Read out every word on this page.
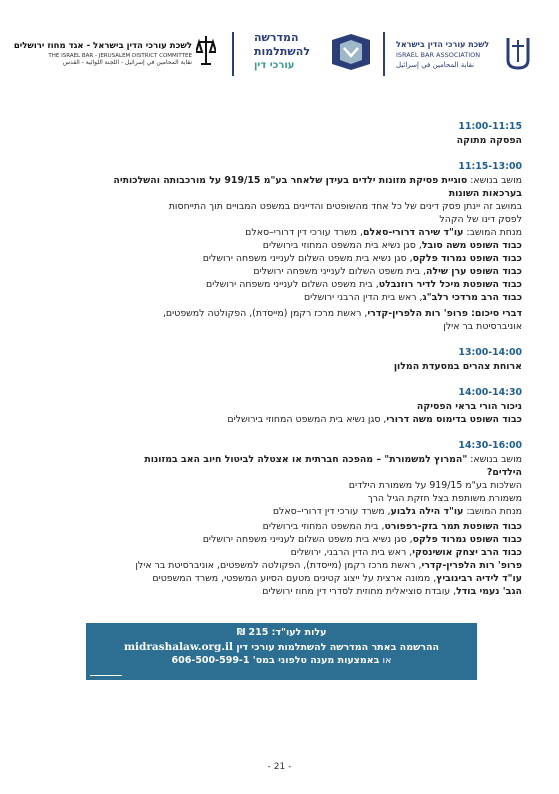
לשכת עורכי הדין בישראל - אגד מחוז ירושלים
THE ISRAEL BAR - JERUSALEM DISTRICT COMMITTEE
نقابة المحامين في إسرائيل - اللجنة اللوائية - القدس
המדרשה
להשתלמות
עורכי דין
לשכת עורכי הדין בישראל
ISRAEL BAR ASSOCIATION
نقابة المحامين في إسرائيل
11:00-11:15
הפסקה מתוקה
11:15-13:00
מושב בנושא: סוגיית פסיקת מזונות ילדים בעידן שלאחר בע"מ 919/15 על מורכבותה והשלכותיה
בערכאות השונות
במושב זה יינתן פסק דינים של כל אחד מהשופטים והדיינים במשפט המבויים תוך התייחסות
לפסק דינו של הקהל
מנחת המושב: עו"ד שירה דרורי-סאלם, משרד עורכי דין דרורי–סאלם
כבוד השופט משה סובל, סגן נשיא בית המשפט המחוזי בירושלים
כבוד השופט נמרוד פלקס, סגן נשיא בית משפט השלום לענייני משפחה ירושלים
כבוד השופט ערן שילה, בית משפט השלום לענייני משפחה ירושלים
כבוד השופטת מיכל לדיר רוזנבלט, בית משפט השלום לענייני משפחה ירושלים
כבוד הרב מרדכי רלב"ג, ראש בית הדין הרבני ירושלים
דברי סיכום: פרופ' רות הלפרין-קדרי, ראשת מרכז רקמן (מייסדת), הפקולטה למשפטים,
אוניברסיטת בר אילן
13:00-14:00
ארוחת צהרים במסעדת המלון
14:00-14:30
ניכור הורי בראי הפסיקה
כבוד השופט בדימוס משה דרורי, סגן נשיא בית המשפט המחוזי בירושלים
14:30-16:00
מושב בנושא: "המרוץ למשמורת" – מהפכה חברתית או אצטלה לביטול חיוב האב במזונות
הילדים?
השלכות בע"מ 919/15 על משמורת הילדים
משמורת משותפת בצל חזקת הגיל הרך
מנחת המושב: עו"ד הילה גלבוע, משרד עורכי דין דרורי–סאלם
כבוד השופטת תמר בזק-רפפורט, בית המשפט המחוזי בירושלים
כבוד השופט נמרוד פלקס, סגן נשיא בית משפט השלום לענייני משפחה ירושלים
כבוד הרב יצחק אושינסקי, ראש בית הדין הרבני, ירושלים
פרופ' רות הלפרין-קדרי, ראשת מרכז רקמן (מייסדת), הפקולטה למשפטים, אוניברסיטת בר אילן
עו"ד לידיה רבינוביץ, ממונה ארצית על ייצוג קטינים מטעם הסיוע המשפטי, משרד המשפטים
הגב' נעמי בודל, עובדת סוציאלית מחוזית לסדרי דין מחוז ירושלים
עלות לעו"ד: 215 ₪
ההרשמה באתר המדרשה להשתלמות עורכי דין midrashalaw.org.il
או באמצעות מענה טלפוני במס' 606-500-599-1
- 21 -
